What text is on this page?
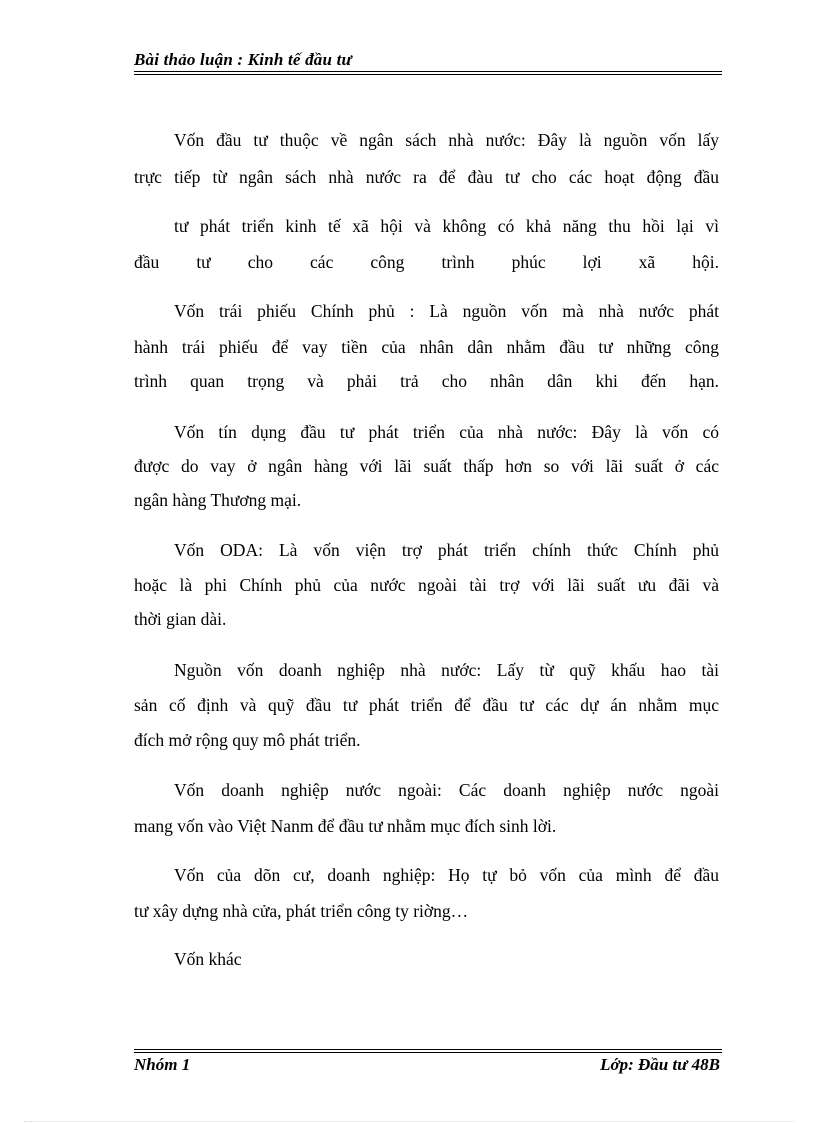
Bài thảo luận : Kinh tế đầu tư
Vốn đầu tư thuộc về ngân sách nhà nước: Đây là nguồn vốn lấy
trực tiếp từ ngân sách nhà nước ra để đàu tư cho các hoạt động đầu
tư phát triển kinh tế xã hội và không có khả năng thu hồi lại vì
đầu tư cho các công trình phúc lợi xã hội.
Vốn trái phiếu Chính phủ : Là nguồn vốn mà nhà nước phát
hành trái phiếu để vay tiền của nhân dân nhằm đầu tư những công
trình quan trọng và phải trả cho nhân dân khi đến hạn.
Vốn tín dụng đầu tư phát triển của nhà nước: Đây là vốn có
được do vay ở ngân hàng với lãi suất thấp hơn so với lãi suất ở các
ngân hàng Thương mại.
Vốn ODA: Là vốn viện trợ phát triển chính thức Chính phủ
hoặc là phi Chính phủ của nước ngoài tài trợ với lãi suất ưu đãi và
thời gian dài.
Nguồn vốn doanh nghiệp nhà nước: Lấy từ quỹ khấu hao tài
sản cố định và quỹ đầu tư phát triển để đầu tư các dự án nhằm mục
đích mở rộng quy mô phát triển.
Vốn doanh nghiệp nước ngoài: Các doanh nghiệp nước ngoài
mang vốn vào Việt Nanm để đầu tư nhằm mục đích sinh lời.
Vốn của dõn cư, doanh nghiệp: Họ tự bỏ vốn của mình để đầu
tư xây dựng nhà cửa, phát triển công ty riờng…
Vốn khác
Nhóm 1	Lớp: Đầu tư 48B
